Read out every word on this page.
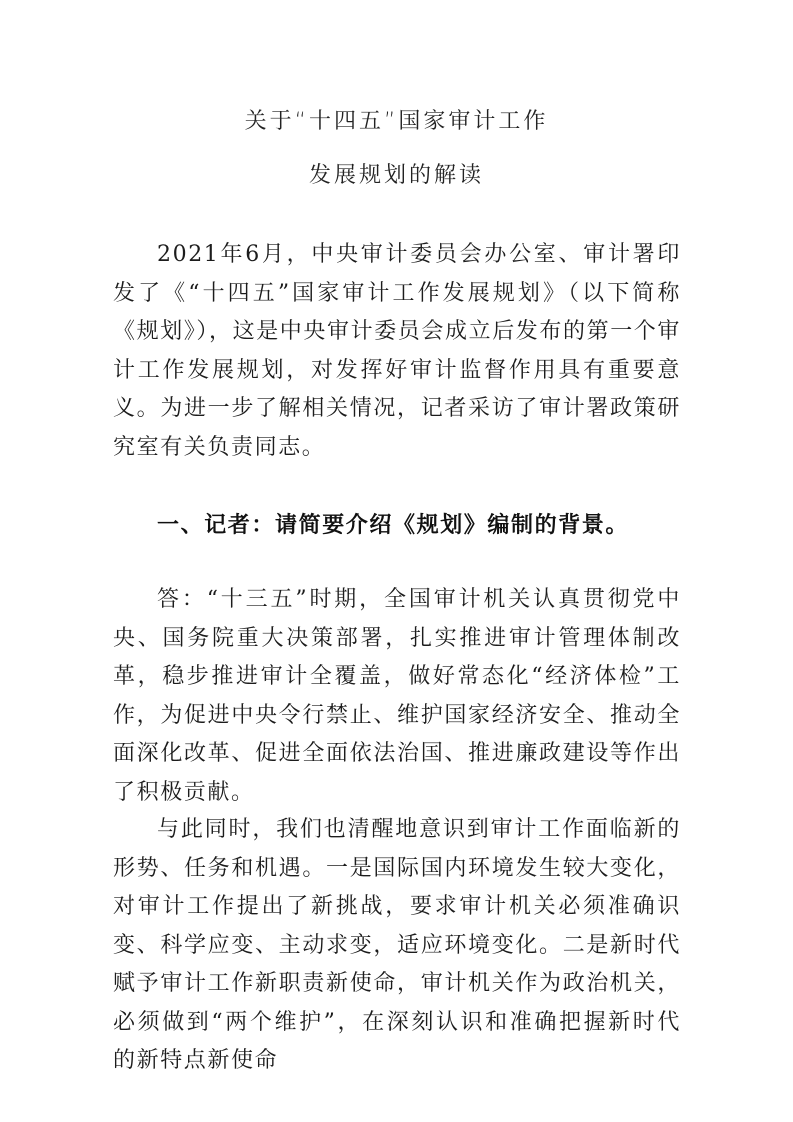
关于“十四五”国家审计工作
发展规划的解读

2021年6月，中央审计委员会办公室、审计署印发了《“十四五”国家审计工作发展规划》（以下简称《规划》），这是中央审计委员会成立后发布的第一个审计工作发展规划，对发挥好审计监督作用具有重要意义。为进一步了解相关情况，记者采访了审计署政策研究室有关负责同志。

一、记者：请简要介绍《规划》编制的背景。

答：“十三五”时期，全国审计机关认真贯彻党中央、国务院重大决策部署，扎实推进审计管理体制改革，稳步推进审计全覆盖，做好常态化“经济体检”工作，为促进中央令行禁止、维护国家经济安全、推动全面深化改革、促进全面依法治国、推进廉政建设等作出了积极贡献。

与此同时，我们也清醒地意识到审计工作面临新的形势、任务和机遇。一是国际国内环境发生较大变化，对审计工作提出了新挑战，要求审计机关必须准确识变、科学应变、主动求变，适应环境变化。二是新时代赋予审计工作新职责新使命，审计机关作为政治机关，必须做到“两个维护”，在深刻认识和准确把握新时代的新特点新使命
